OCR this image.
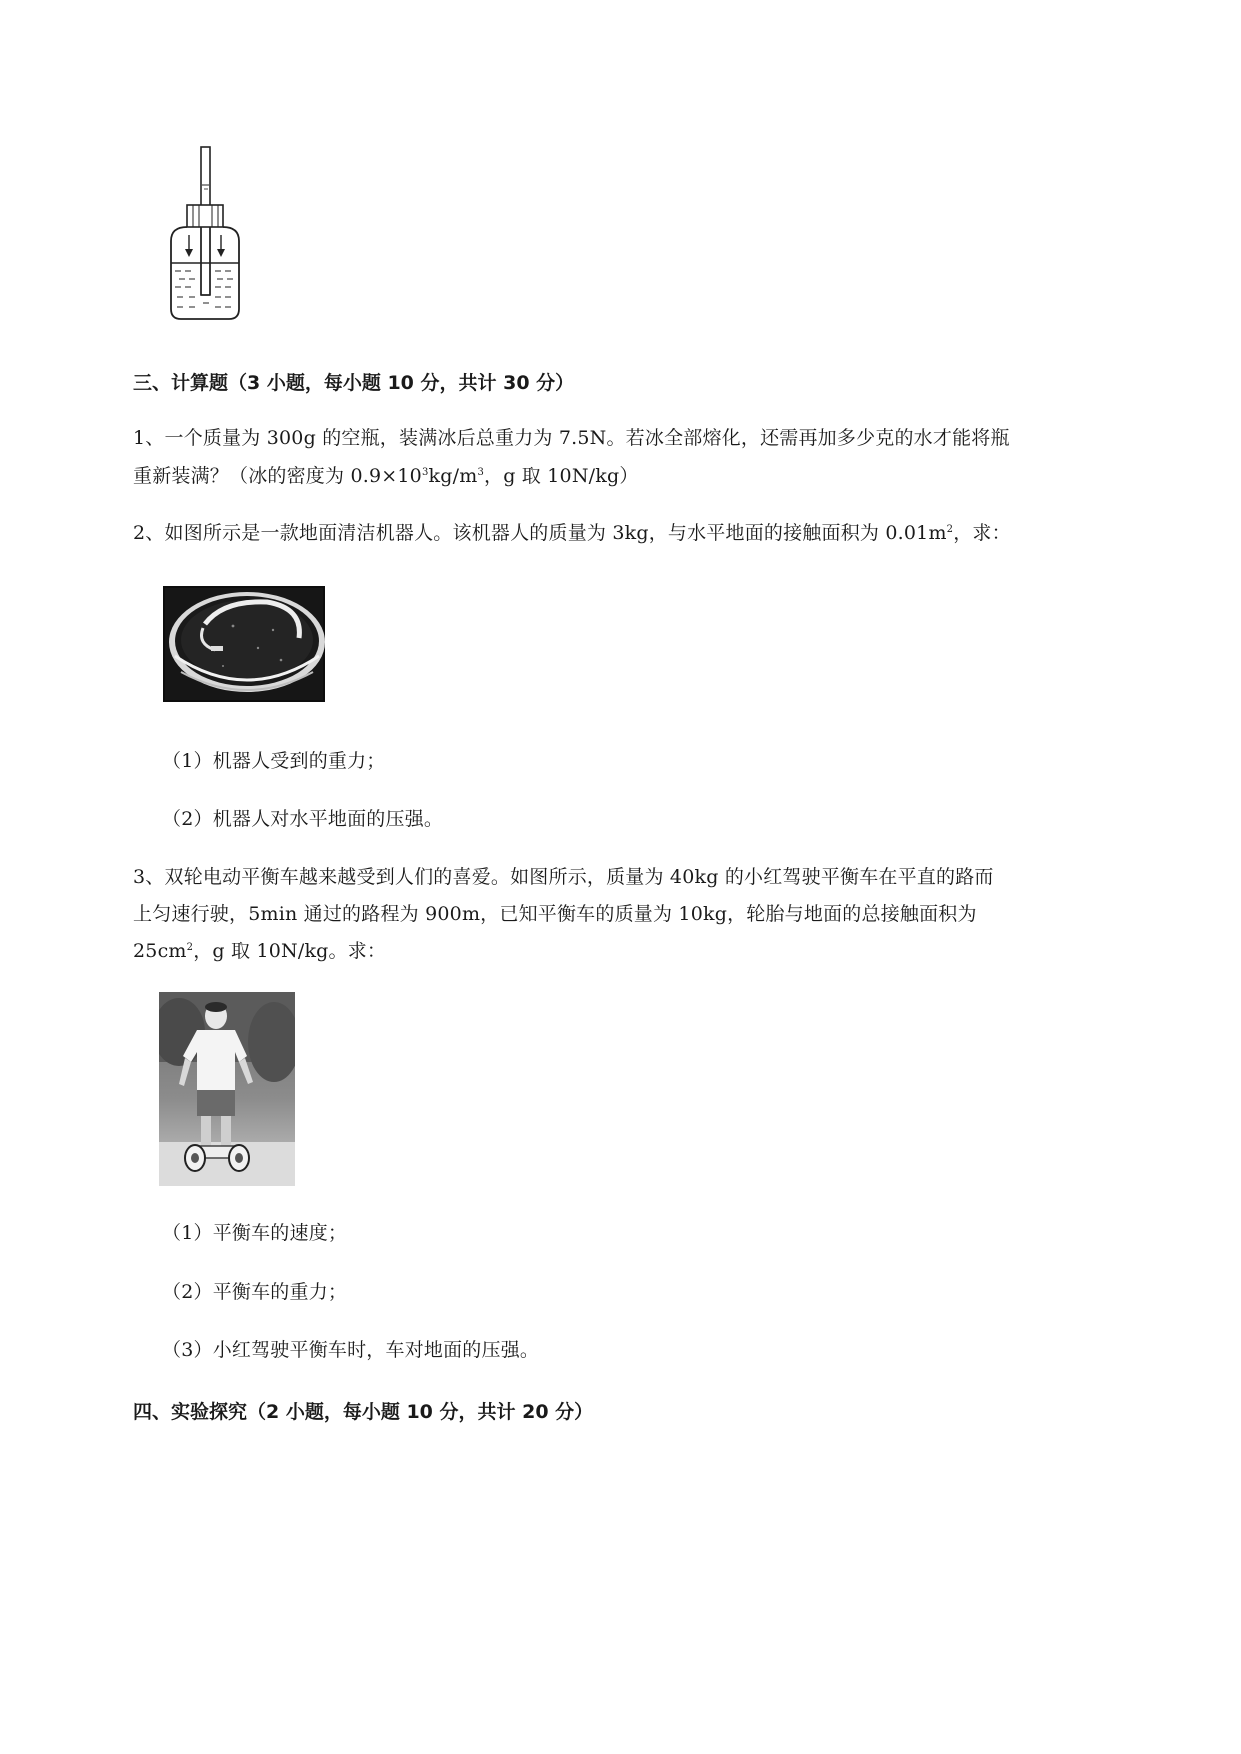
三、计算题（3 小题，每小题 10 分，共计 30 分）
1、一个质量为 300g 的空瓶，装满冰后总重力为 7.5N。若冰全部熔化，还需再加多少克的水才能将瓶
重新装满？（冰的密度为 $0.9\times 10^3kg/m^3$，g 取 10N/kg）
2、如图所示是一款地面清洁机器人。该机器人的质量为 3kg，与水平地面的接触面积为 $0.01m^2$，求：
（1）机器人受到的重力；
（2）机器人对水平地面的压强。
3、双轮电动平衡车越来越受到人们的喜爱。如图所示，质量为 40kg 的小红驾驶平衡车在平直的路而
上匀速行驶，5min 通过的路程为 900m，已知平衡车的质量为 10kg，轮胎与地面的总接触面积为
$25cm^2$，g 取 10N/kg。求：
（1）平衡车的速度；
（2）平衡车的重力；
（3）小红驾驶平衡车时，车对地面的压强。
四、实验探究（2 小题，每小题 10 分，共计 20 分）
